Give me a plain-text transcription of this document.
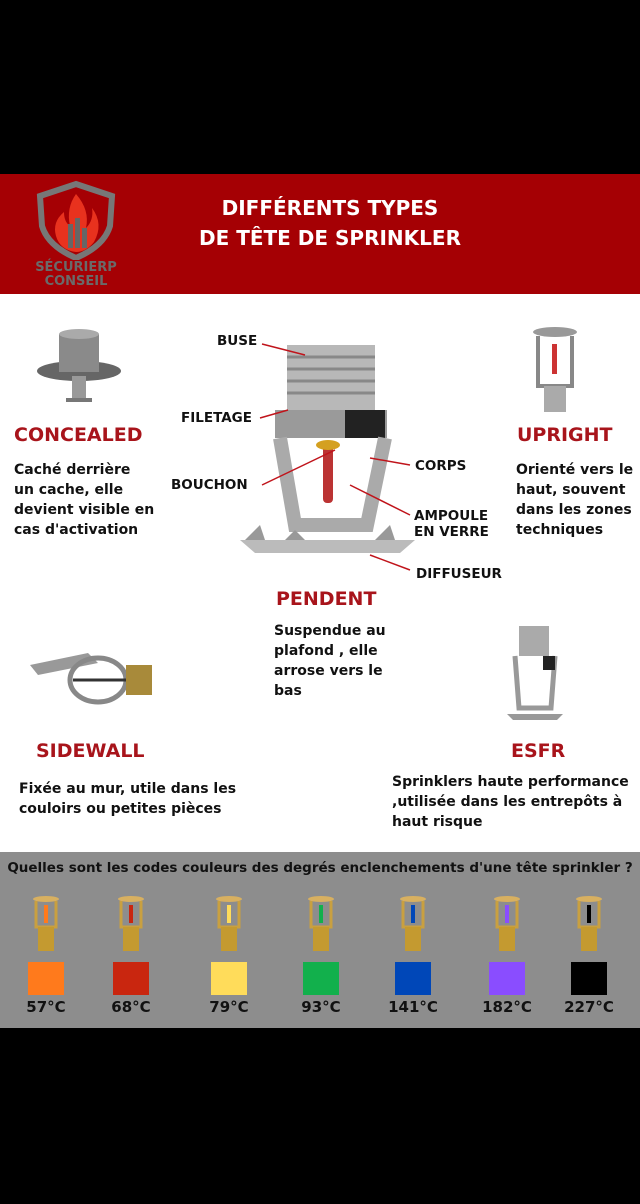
SÉCURIERP
CONSEIL
DIFFÉRENTS TYPES
DE TÊTE DE SPRINKLER
CONCEALED
Caché derrière
un cache, elle
devient visible en
cas d'activation
UPRIGHT
Orienté vers le
haut, souvent
dans les zones
techniques
BUSE
FILETAGE
BOUCHON
CORPS
AMPOULE
EN VERRE
DIFFUSEUR
PENDENT
Suspendue au
plafond , elle
arrose vers le
bas
SIDEWALL
Fixée au mur, utile dans les
couloirs ou petites pièces
ESFR
Sprinklers haute performance
,utilisée dans les entrepôts à
haut risque
Quelles sont les codes couleurs des degrés enclenchements d'une tête sprinkler ?
57°C	68°C	79°C	93°C	141°C	182°C	227°C
